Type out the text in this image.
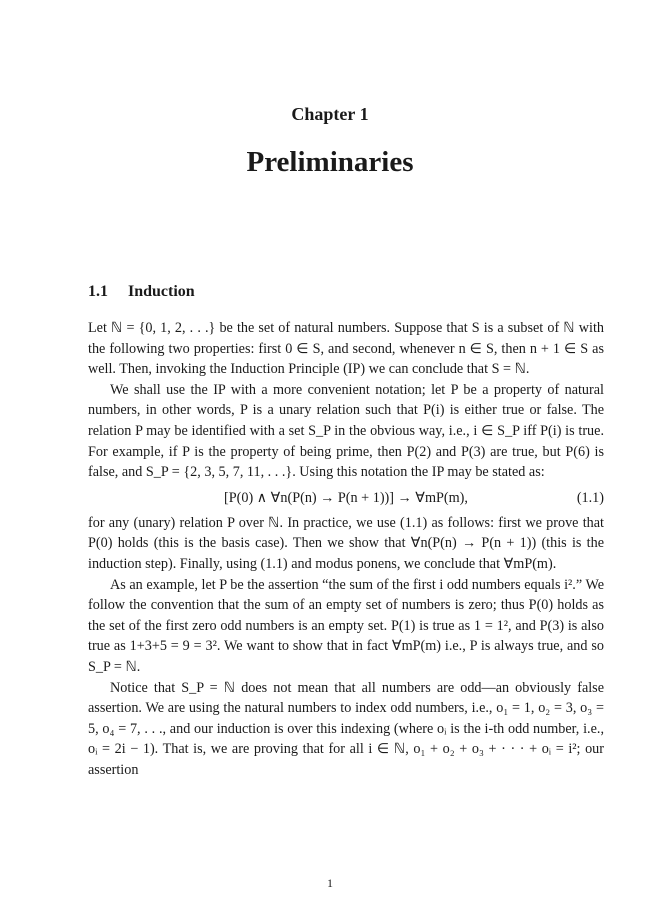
Chapter 1
Preliminaries
1.1 Induction

Let ℕ = {0, 1, 2, . . .} be the set of natural numbers. Suppose that S is a subset of ℕ with the following two properties: first 0 ∈ S, and second, whenever n ∈ S, then n + 1 ∈ S as well. Then, invoking the Induction Principle (IP) we can conclude that S = ℕ.

We shall use the IP with a more convenient notation; let P be a property of natural numbers, in other words, P is a unary relation such that P(i) is either true or false. The relation P may be identified with a set S_P in the obvious way, i.e., i ∈ S_P iff P(i) is true. For example, if P is the property of being prime, then P(2) and P(3) are true, but P(6) is false, and S_P = {2, 3, 5, 7, 11, . . .}. Using this notation the IP may be stated as:

[P(0) ∧ ∀n(P(n) → P(n + 1))] → ∀mP(m),	(1.1)

for any (unary) relation P over ℕ. In practice, we use (1.1) as follows: first we prove that P(0) holds (this is the basis case). Then we show that ∀n(P(n) → P(n + 1)) (this is the induction step). Finally, using (1.1) and modus ponens, we conclude that ∀mP(m).

As an example, let P be the assertion “the sum of the first i odd numbers equals i².” We follow the convention that the sum of an empty set of numbers is zero; thus P(0) holds as the set of the first zero odd numbers is an empty set. P(1) is true as 1 = 1², and P(3) is also true as 1+3+5 = 9 = 3². We want to show that in fact ∀mP(m) i.e., P is always true, and so S_P = ℕ.

Notice that S_P = ℕ does not mean that all numbers are odd—an obviously false assertion. We are using the natural numbers to index odd numbers, i.e., o₁ = 1, o₂ = 3, o₃ = 5, o₄ = 7, . . ., and our induction is over this indexing (where oᵢ is the i-th odd number, i.e., oᵢ = 2i − 1). That is, we are proving that for all i ∈ ℕ, o₁ + o₂ + o₃ + · · · + oᵢ = i²; our assertion

1
